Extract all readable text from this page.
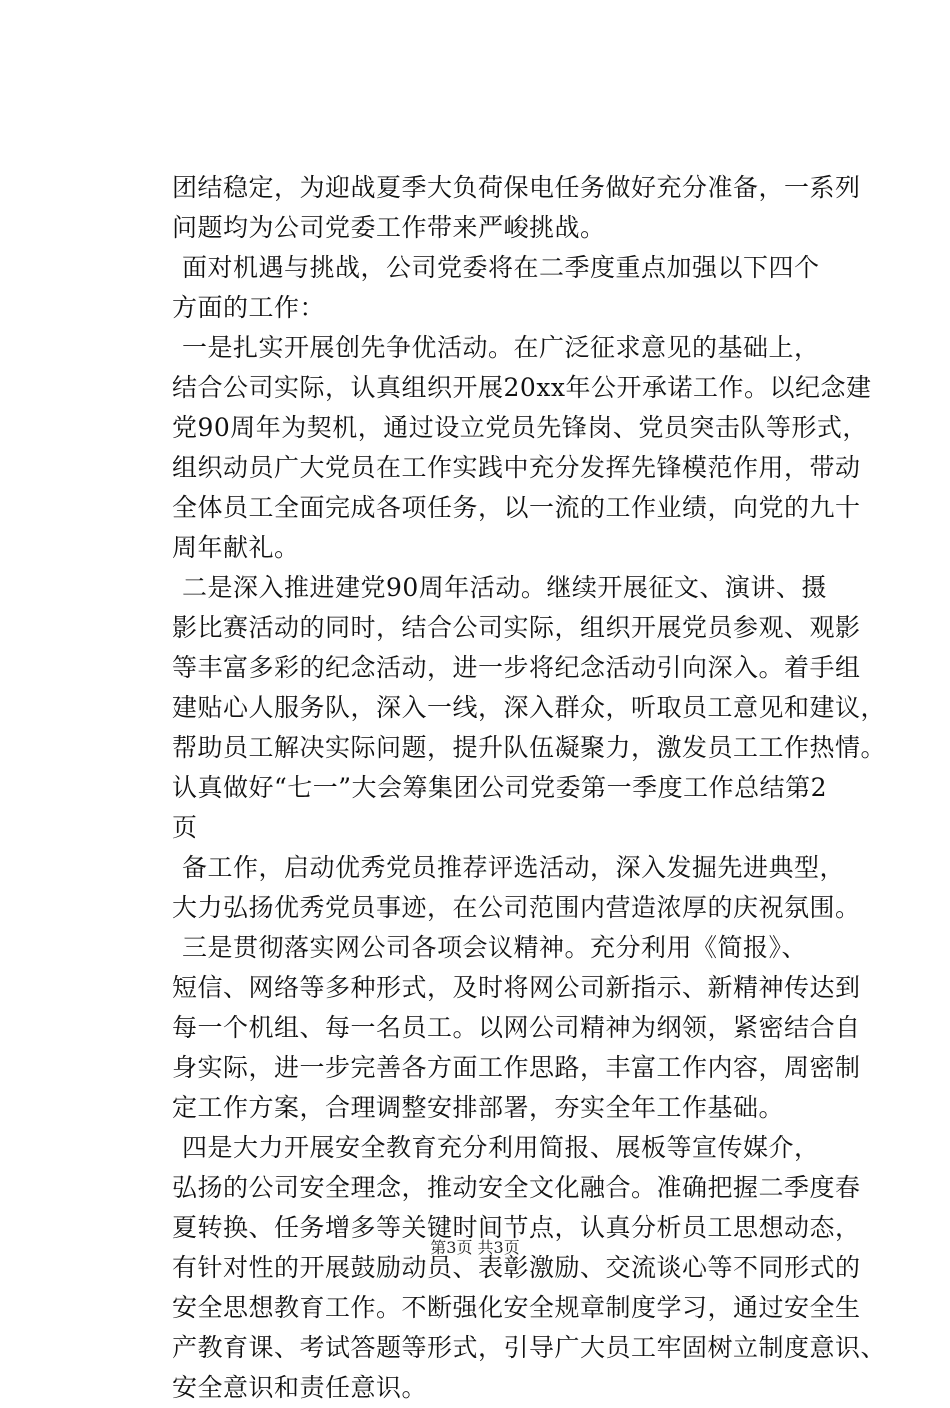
团结稳定，为迎战夏季大负荷保电任务做好充分准备，一系列
问题均为公司党委工作带来严峻挑战。
面对机遇与挑战，公司党委将在二季度重点加强以下四个
方面的工作：
一是扎实开展创先争优活动。在广泛征求意见的基础上，
结合公司实际，认真组织开展20xx年公开承诺工作。以纪念建
党90周年为契机，通过设立党员先锋岗、党员突击队等形式，
组织动员广大党员在工作实践中充分发挥先锋模范作用，带动
全体员工全面完成各项任务，以一流的工作业绩，向党的九十
周年献礼。
二是深入推进建党90周年活动。继续开展征文、演讲、摄
影比赛活动的同时，结合公司实际，组织开展党员参观、观影
等丰富多彩的纪念活动，进一步将纪念活动引向深入。着手组
建贴心人服务队，深入一线，深入群众，听取员工意见和建议，
帮助员工解决实际问题，提升队伍凝聚力，激发员工工作热情。
认真做好“七一”大会筹集团公司党委第一季度工作总结第2
页
备工作，启动优秀党员推荐评选活动，深入发掘先进典型，
大力弘扬优秀党员事迹，在公司范围内营造浓厚的庆祝氛围。
三是贯彻落实网公司各项会议精神。充分利用《简报》、
短信、网络等多种形式，及时将网公司新指示、新精神传达到
每一个机组、每一名员工。以网公司精神为纲领，紧密结合自
身实际，进一步完善各方面工作思路，丰富工作内容，周密制
定工作方案，合理调整安排部署，夯实全年工作基础。
四是大力开展安全教育充分利用简报、展板等宣传媒介，
弘扬的公司安全理念，推动安全文化融合。准确把握二季度春
夏转换、任务增多等关键时间节点，认真分析员工思想动态，
有针对性的开展鼓励动员、表彰激励、交流谈心等不同形式的
安全思想教育工作。不断强化安全规章制度学习，通过安全生
产教育课、考试答题等形式，引导广大员工牢固树立制度意识、
安全意识和责任意识。
第3页 共3页
